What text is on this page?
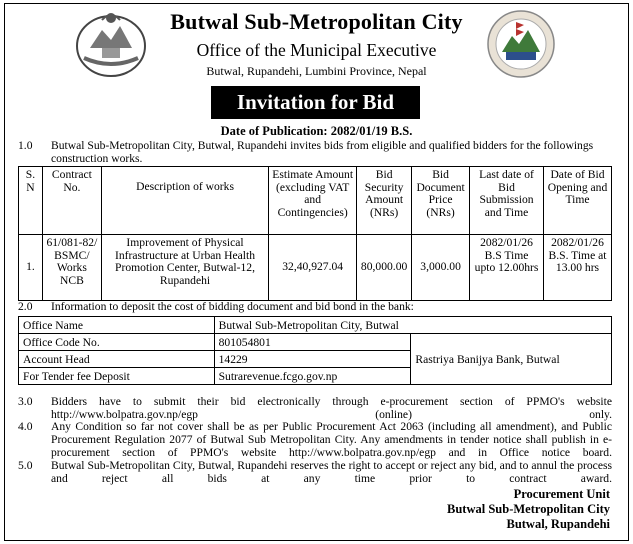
Butwal Sub-Metropolitan City
Office of the Municipal Executive
Butwal, Rupandehi, Lumbini Province, Nepal
Invitation for Bid
Date of Publication: 2082/01/19 B.S.
1.0	Butwal Sub-Metropolitan City, Butwal, Rupandehi invites bids from eligible and qualified bidders for the followings construction works.
S. N	Contract No.	Description of works	Estimate Amount (excluding VAT and Contingencies)	Bid Security Amount (NRs)	Bid Document Price (NRs)	Last date of Bid Submission and Time	Date of Bid Opening and Time
1.	61/081-82/ BSMC/ Works NCB	Improvement of Physical Infrastructure at Urban Health Promotion Center, Butwal-12, Rupandehi	32,40,927.04	80,000.00	3,000.00	2082/01/26 B.S Time upto 12.00hrs	2082/01/26 B.S. Time at 13.00 hrs
2.0	Information to deposit the cost of bidding document and bid bond in the bank:
Office Name	Butwal Sub-Metropolitan City, Butwal	
Office Code No.	801054801	Rastriya Banijya Bank, Butwal
Account Head	14229	
For Tender fee Deposit	Sutrarevenue.fcgo.gov.np	
3.0	Bidders have to submit their bid electronically through e-procurement section of PPMO's website http://www.bolpatra.gov.np/egp (online) only.
4.0	Any Condition so far not cover shall be as per Public Procurement Act 2063 (including all amendment), and Public Procurement Regulation 2077 of Butwal Sub Metropolitan City. Any amendments in tender notice shall publish in e-procurement section of PPMO's website http://www.bolpatra.gov.np/egp and in Office notice board.
5.0	Butwal Sub-Metropolitan City, Butwal, Rupandehi reserves the right to accept or reject any bid, and to annul the process and reject all bids at any time prior to contract award.
Procurement Unit
Butwal Sub-Metropolitan City
Butwal, Rupandehi
